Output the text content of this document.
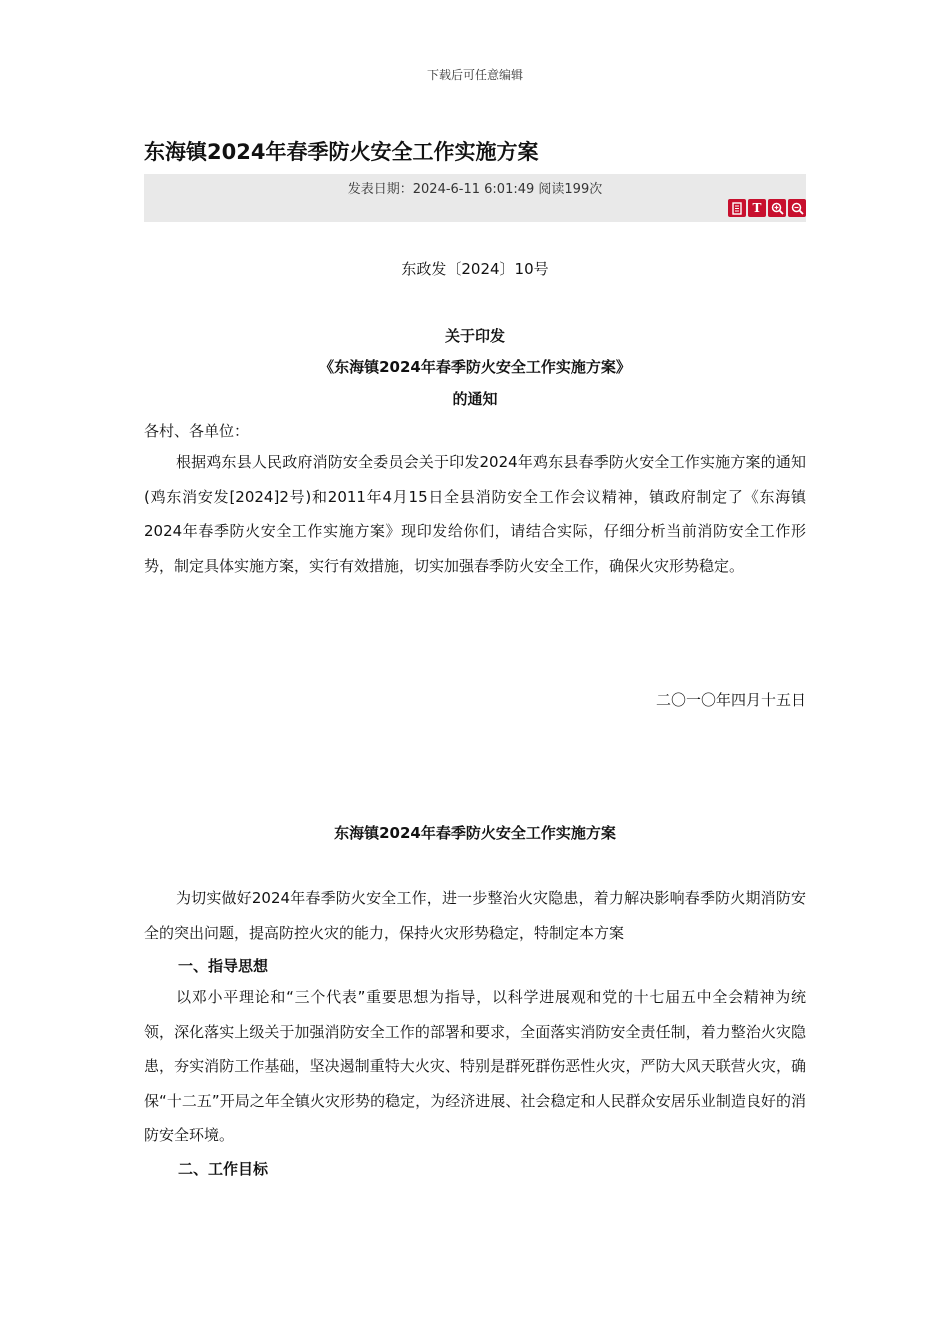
下载后可任意编辑
东海镇2024年春季防火安全工作实施方案
发表日期：2024-6-11 6:01:49 阅读199次
T
东政发〔2024〕10号
关于印发
《东海镇2024年春季防火安全工作实施方案》
的通知
各村、各单位：

根据鸡东县人民政府消防安全委员会关于印发2024年鸡东县春季防火安全工作实施方案的通知(鸡东消安发[2024]2号)和2011年4月15日全县消防安全工作会议精神，镇政府制定了《东海镇2024年春季防火安全工作实施方案》现印发给你们，请结合实际，仔细分析当前消防安全工作形势，制定具体实施方案，实行有效措施，切实加强春季防火安全工作，确保火灾形势稳定。

二〇一〇年四月十五日
东海镇2024年春季防火安全工作实施方案

为切实做好2024年春季防火安全工作，进一步整治火灾隐患，着力解决影响春季防火期消防安全的突出问题，提高防控火灾的能力，保持火灾形势稳定，特制定本方案

一、指导思想

以邓小平理论和“三个代表”重要思想为指导，以科学进展观和党的十七届五中全会精神为统领，深化落实上级关于加强消防安全工作的部署和要求，全面落实消防安全责任制，着力整治火灾隐患，夯实消防工作基础，坚决遏制重特大火灾、特别是群死群伤恶性火灾，严防大风天联营火灾，确保“十二五”开局之年全镇火灾形势的稳定，为经济进展、社会稳定和人民群众安居乐业制造良好的消防安全环境。

二、工作目标
